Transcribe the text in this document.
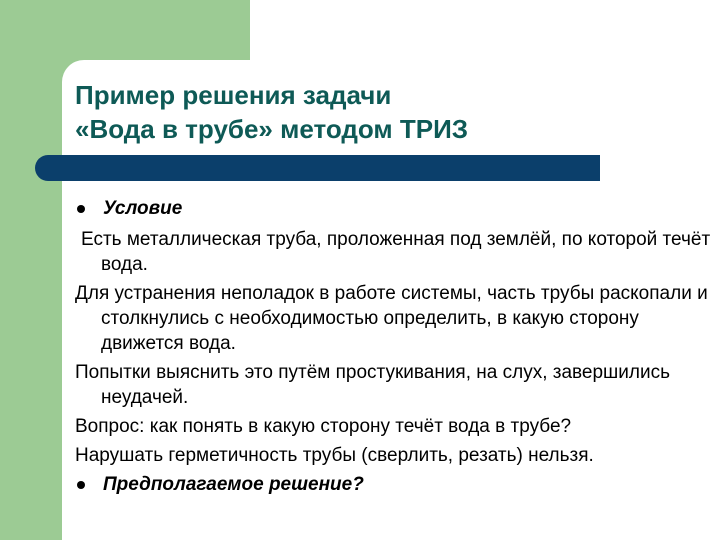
Пример решения задачи
«Вода в трубе» методом ТРИЗ
Условие
Есть металлическая труба, проложенная под землёй, по которой течёт вода.
Для устранения неполадок в работе системы, часть трубы раскопали и столкнулись с необходимостью определить, в какую сторону движется вода.
Попытки выяснить это путём простукивания, на слух, завершились неудачей.
Вопрос: как понять в какую сторону течёт вода в трубе?
Нарушать герметичность трубы (сверлить, резать) нельзя.
Предполагаемое решение?
